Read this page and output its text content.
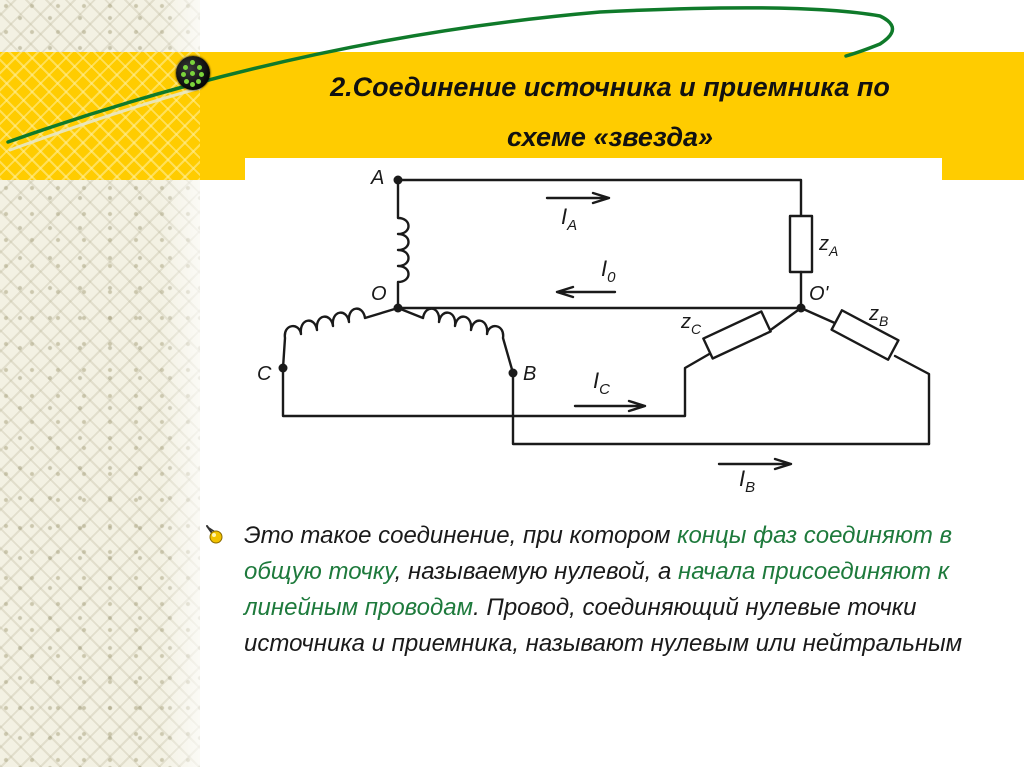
2.Соединение источника и приемника по
схеме «звезда»
A
O	O'
C	B
$I_A$
$I_0$
$I_C$
$I_B$
$z_A$
$z_C$
$z_B$

Это такое соединение, при котором концы фаз соединяют в общую точку, называемую нулевой, а начала присоединяют к линейным проводам. Провод, соединяющий нулевые точки источника и приемника, называют нулевым или нейтральным
